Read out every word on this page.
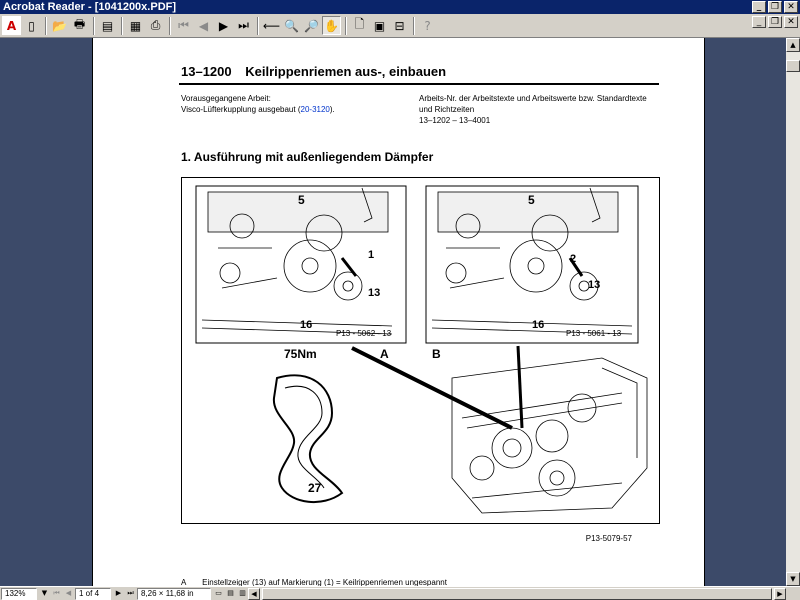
Acrobat Reader - [1041200x.PDF]	_	❐ ✕
A	▯	📂 🖶	▤	▦ ⎙	⏮ ◀ ▶ ⏭	⟵ 🔍 🔎 ✋	🗋 ▣ ⊟	?	_	❐ ✕
13–1200 Keilrippenriemen aus-, einbauen
Vorausgegangene Arbeit:
Visco-Lüfterkupplung ausgebaut (20-3120).
Arbeits-Nr. der Arbeitstexte und Arbeitswerte bzw. Standardtexte
und Richtzeiten
13–1202 – 13–4001
1. Ausführung mit außenliegendem Dämpfer
5
1
13
16
P13 - 5062 - 13
5
2
13
16
P13 - 5061 - 13
75Nm	A	B
27
P13-5079-57
A Einstellzeiger (13) auf Markierung (1) = Keilrippenriemen ungespannt
▲
▼
132%	▼ ⏮ ◀ 1 of 4	▶ ⏭ 8,26 × 11,68 in	▭ ▤ ▥ ◀	▶
